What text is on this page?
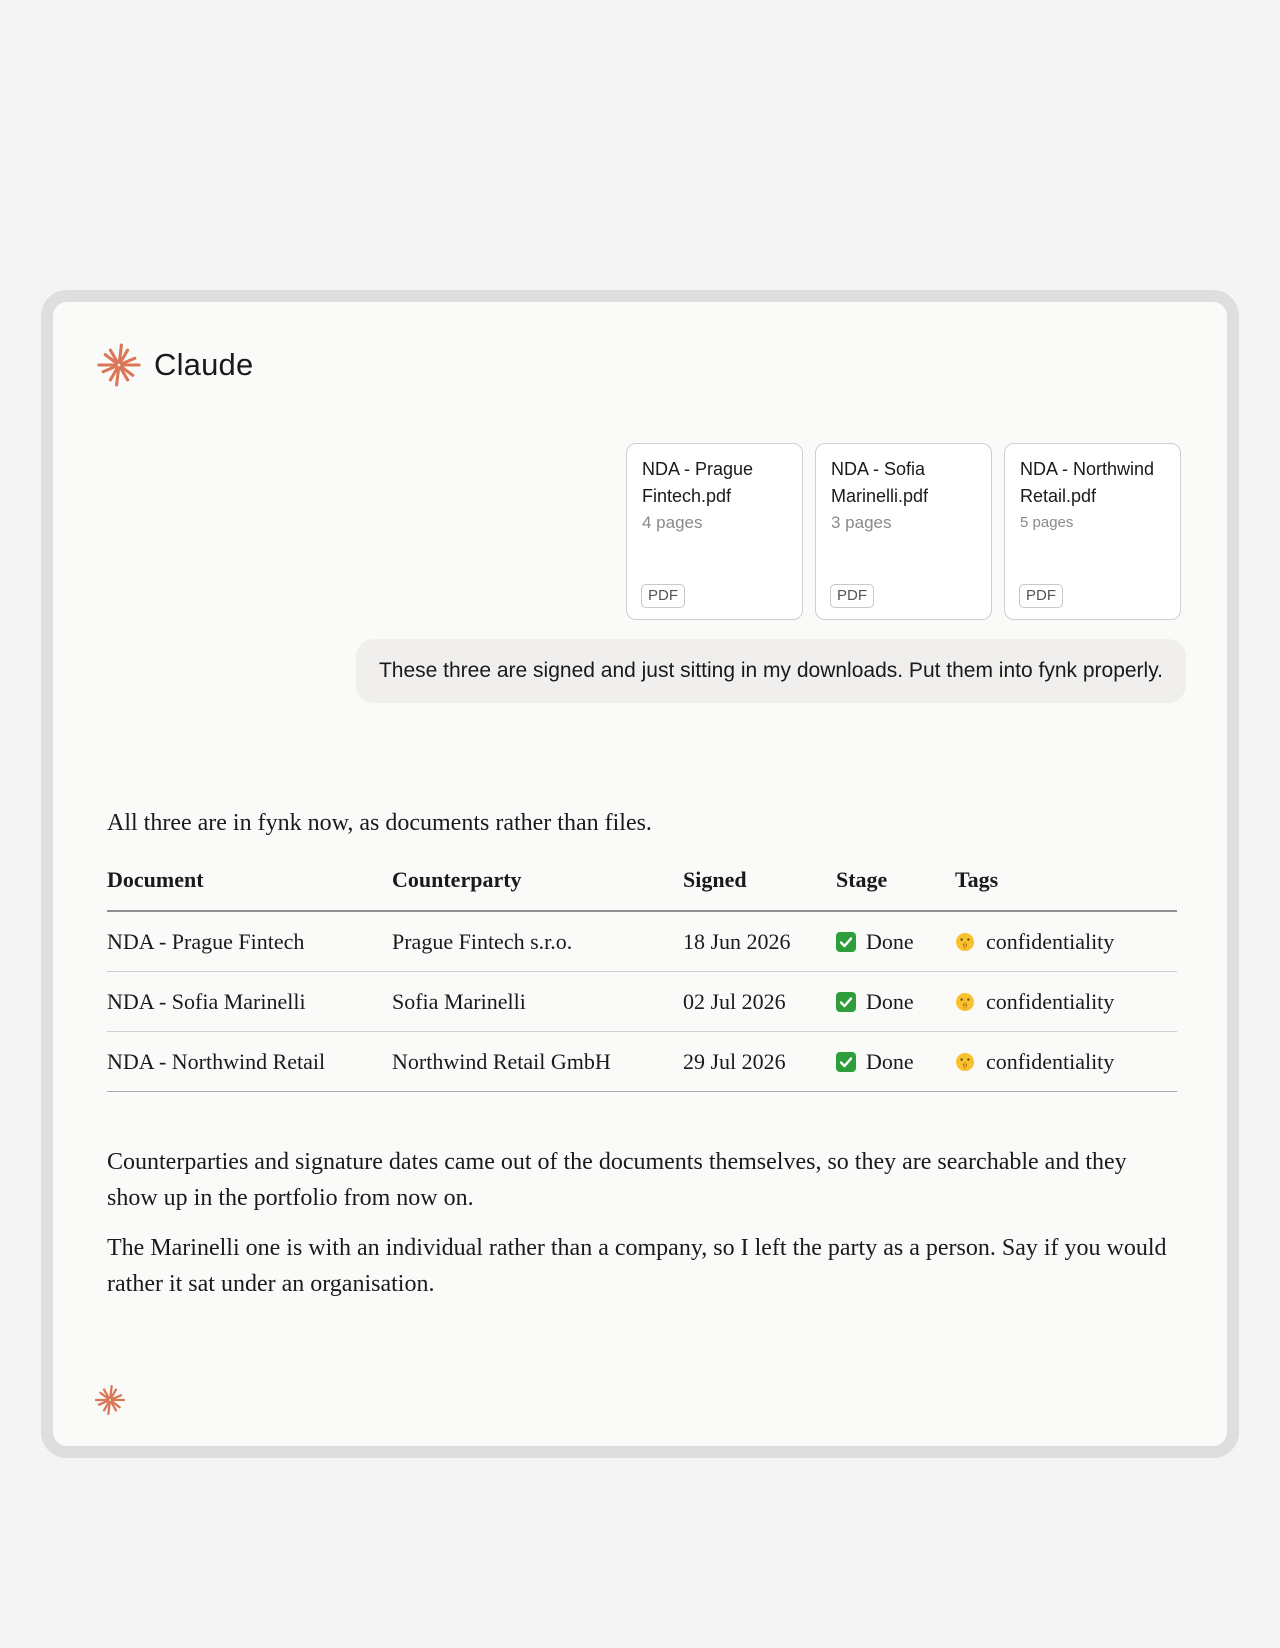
Claude

NDA - Prague Fintech.pdf

4 pages
PDF

NDA - Sofia Marinelli.pdf

3 pages
PDF

NDA - Northwind Retail.pdf

5 pages
PDF
These three are signed and just sitting in my downloads. Put them into fynk properly.

All three are in fynk now, as documents rather than files.

Document	Counterparty	Signed	Stage	Tags
NDA - Prague Fintech	Prague Fintech s.r.o.	18 Jun 2026	Done	confidentiality
NDA - Sofia Marinelli	Sofia Marinelli	02 Jul 2026	Done	confidentiality
NDA - Northwind Retail	Northwind Retail GmbH	29 Jul 2026	Done	confidentiality

Counterparties and signature dates came out of the documents themselves, so they are searchable and they show up in the portfolio from now on.

The Marinelli one is with an individual rather than a company, so I left the party as a person. Say if you would rather it sat under an organisation.
